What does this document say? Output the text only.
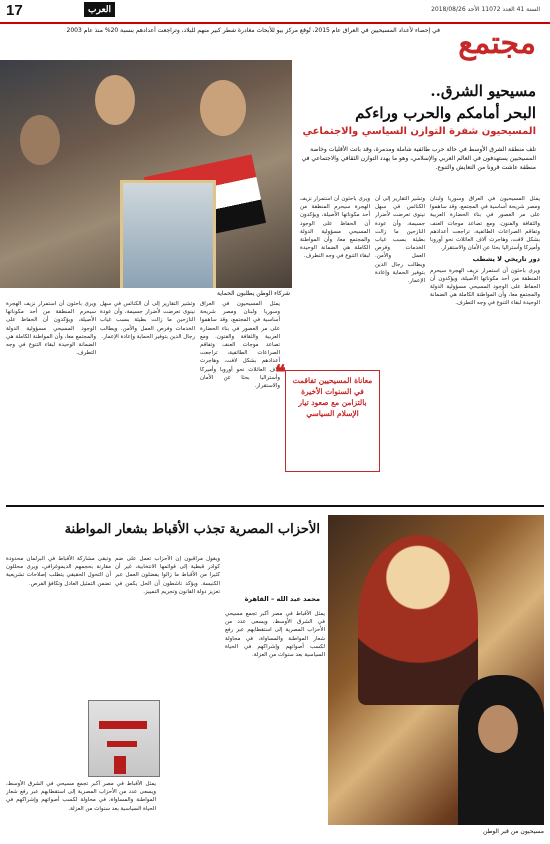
17	العرب	السنة 41 العدد 11072 الأحد 2018/08/26
مجتمع
في إحصاء لأعداد المسيحيين في العراق عام 2015، تُوقع مركز بيو للأبحاث مغادرة شطر كبير منهم للبلاد، وتراجعت أعدادهم بنسبة 20% منذ عام 2003
شركاء الوطن يطلبون الحماية
مسيحيو الشرق..
البحر أمامكم والحرب وراءكم
المسيحيون شفرة التوازن السياسي والاجتماعي
تلف منطقة الشرق الأوسط في حالة حرب طائفية شاملة ومدمرة، وقد باتت الأقليات وخاصة المسيحيين يستهدفون في العالم العربي والإسلامي، وهو ما يهدد التوازن الثقافي والاجتماعي في منطقة عاشت قرونا من التعايش والتنوع.
يمثل المسيحيون في العراق وسوريا ولبنان ومصر شريحة أساسية في المجتمع، وقد ساهموا على مر العصور في بناء الحضارة العربية والثقافة والفنون. ومع تصاعد موجات العنف وتفاقم الصراعات الطائفية، تراجعت أعدادهم بشكل لافت، وهاجرت آلاف العائلات نحو أوروبا وأميركا وأستراليا بحثا عن الأمان والاستقرار.
دور تاريخي لا يشطب
ويرى باحثون أن استمرار نزيف الهجرة سيحرم المنطقة من أحد مكوناتها الأصيلة، ويؤكدون أن الحفاظ على الوجود المسيحي مسؤولية الدولة والمجتمع معا، وأن المواطنة الكاملة هي الضمانة الوحيدة لبقاء التنوع في وجه التطرف.
وتشير التقارير إلى أن الكنائس في سهل نينوى تعرضت لأضرار جسيمة، وأن عودة النازحين ما زالت بطيئة بسبب غياب الخدمات وفرص العمل والأمن. ويطالب رجال الدين بتوفير الحماية وإعادة الإعمار.
ويرى باحثون أن استمرار نزيف الهجرة سيحرم المنطقة من أحد مكوناتها الأصيلة، ويؤكدون أن الحفاظ على الوجود المسيحي مسؤولية الدولة والمجتمع معا، وأن المواطنة الكاملة هي الضمانة الوحيدة لبقاء التنوع في وجه التطرف.
يمثل المسيحيون في العراق وسوريا ولبنان ومصر شريحة أساسية في المجتمع، وقد ساهموا على مر العصور في بناء الحضارة العربية والثقافة والفنون. ومع تصاعد موجات العنف وتفاقم الصراعات الطائفية، تراجعت أعدادهم بشكل لافت، وهاجرت آلاف العائلات نحو أوروبا وأميركا وأستراليا بحثا عن الأمان والاستقرار.
وتشير التقارير إلى أن الكنائس في سهل نينوى تعرضت لأضرار جسيمة، وأن عودة النازحين ما زالت بطيئة بسبب غياب الخدمات وفرص العمل والأمن. ويطالب رجال الدين بتوفير الحماية وإعادة الإعمار.
ويرى باحثون أن استمرار نزيف الهجرة سيحرم المنطقة من أحد مكوناتها الأصيلة، ويؤكدون أن الحفاظ على الوجود المسيحي مسؤولية الدولة والمجتمع معا، وأن المواطنة الكاملة هي الضمانة الوحيدة لبقاء التنوع في وجه التطرف.
❝ معاناة المسيحيين تفاقمت في السنوات الأخيرة بالتزامن مع صعود تيار الإسلام السياسي
الأحزاب المصرية تجذب الأقباط بشعار المواطنة
محمد عبد الله – القاهرة
يمثل الأقباط في مصر أكبر تجمع مسيحي في الشرق الأوسط، ويسعى عدد من الأحزاب المصرية إلى استقطابهم عبر رفع شعار المواطنة والمساواة، في محاولة لكسب أصواتهم وإشراكهم في الحياة السياسية بعد سنوات من العزلة.
ويقول مراقبون إن الأحزاب تعمل على ضم كوادر قبطية إلى قوائمها الانتخابية، غير أن كثيرا من الأقباط ما زالوا يفضلون العمل عبر الكنيسة. ويؤكد ناشطون أن الحل يكمن في تعزيز دولة القانون وتجريم التمييز.
وتبقى مشاركة الأقباط في البرلمان محدودة مقارنة بحجمهم الديموغرافي، ويرى محللون أن التحول الحقيقي يتطلب إصلاحات تشريعية تضمن التمثيل العادل وتكافؤ الفرص.
يمثل الأقباط في مصر أكبر تجمع مسيحي في الشرق الأوسط، ويسعى عدد من الأحزاب المصرية إلى استقطابهم عبر رفع شعار المواطنة والمساواة، في محاولة لكسب أصواتهم وإشراكهم في الحياة السياسية بعد سنوات من العزلة.
مسيحيون من قبر الوطن
